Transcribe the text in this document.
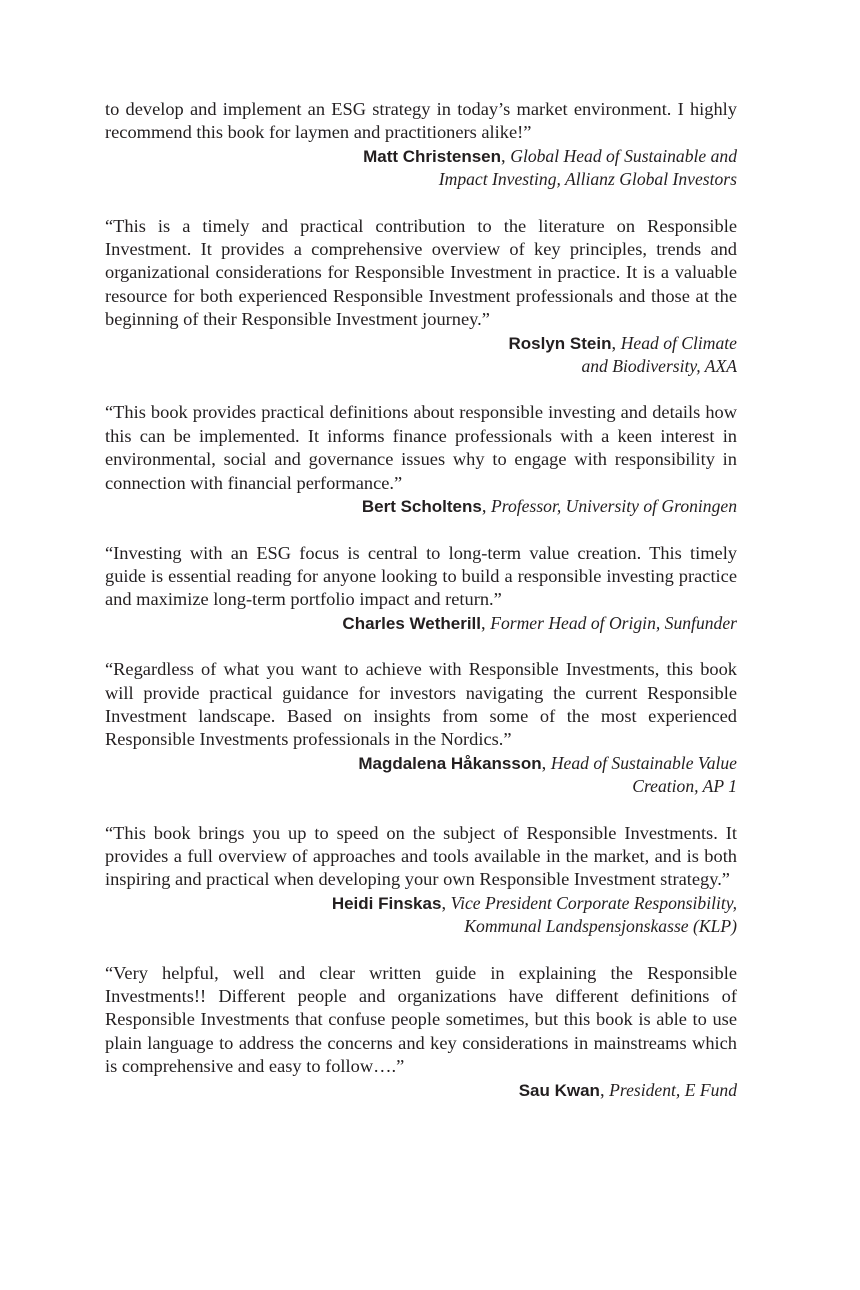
to develop and implement an ESG strategy in today’s market environment. I highly recommend this book for laymen and practitioners alike!”

Matt Christensen, Global Head of Sustainable and
Impact Investing, Allianz Global Investors

“This is a timely and practical contribution to the literature on Responsible Investment. It provides a comprehensive overview of key principles, trends and organizational considerations for Responsible Investment in practice. It is a valuable resource for both experienced Responsible Investment professionals and those at the beginning of their Responsible Investment journey.”

Roslyn Stein, Head of Climate
and Biodiversity, AXA

“This book provides practical definitions about responsible investing and details how this can be implemented. It informs finance professionals with a keen interest in environmental, social and governance issues why to engage with responsibility in connection with financial performance.”

Bert Scholtens, Professor, University of Groningen

“Investing with an ESG focus is central to long-term value creation. This timely guide is essential reading for anyone looking to build a responsible investing practice and maximize long-term portfolio impact and return.”

Charles Wetherill, Former Head of Origin, Sunfunder

“Regardless of what you want to achieve with Responsible Investments, this book will provide practical guidance for investors navigating the current Responsible Investment landscape. Based on insights from some of the most experienced Responsible Investments professionals in the Nordics.”

Magdalena Håkansson, Head of Sustainable Value
Creation, AP 1

“This book brings you up to speed on the subject of Responsible Investments. It provides a full overview of approaches and tools available in the market, and is both inspiring and practical when developing your own Responsible Investment strategy.”

Heidi Finskas, Vice President Corporate Responsibility,
Kommunal Landspensjonskasse (KLP)

“Very helpful, well and clear written guide in explaining the Responsible Investments!! Different people and organizations have different definitions of Responsible Investments that confuse people sometimes, but this book is able to use plain language to address the concerns and key considerations in mainstreams which is comprehensive and easy to follow….”

Sau Kwan, President, E Fund
